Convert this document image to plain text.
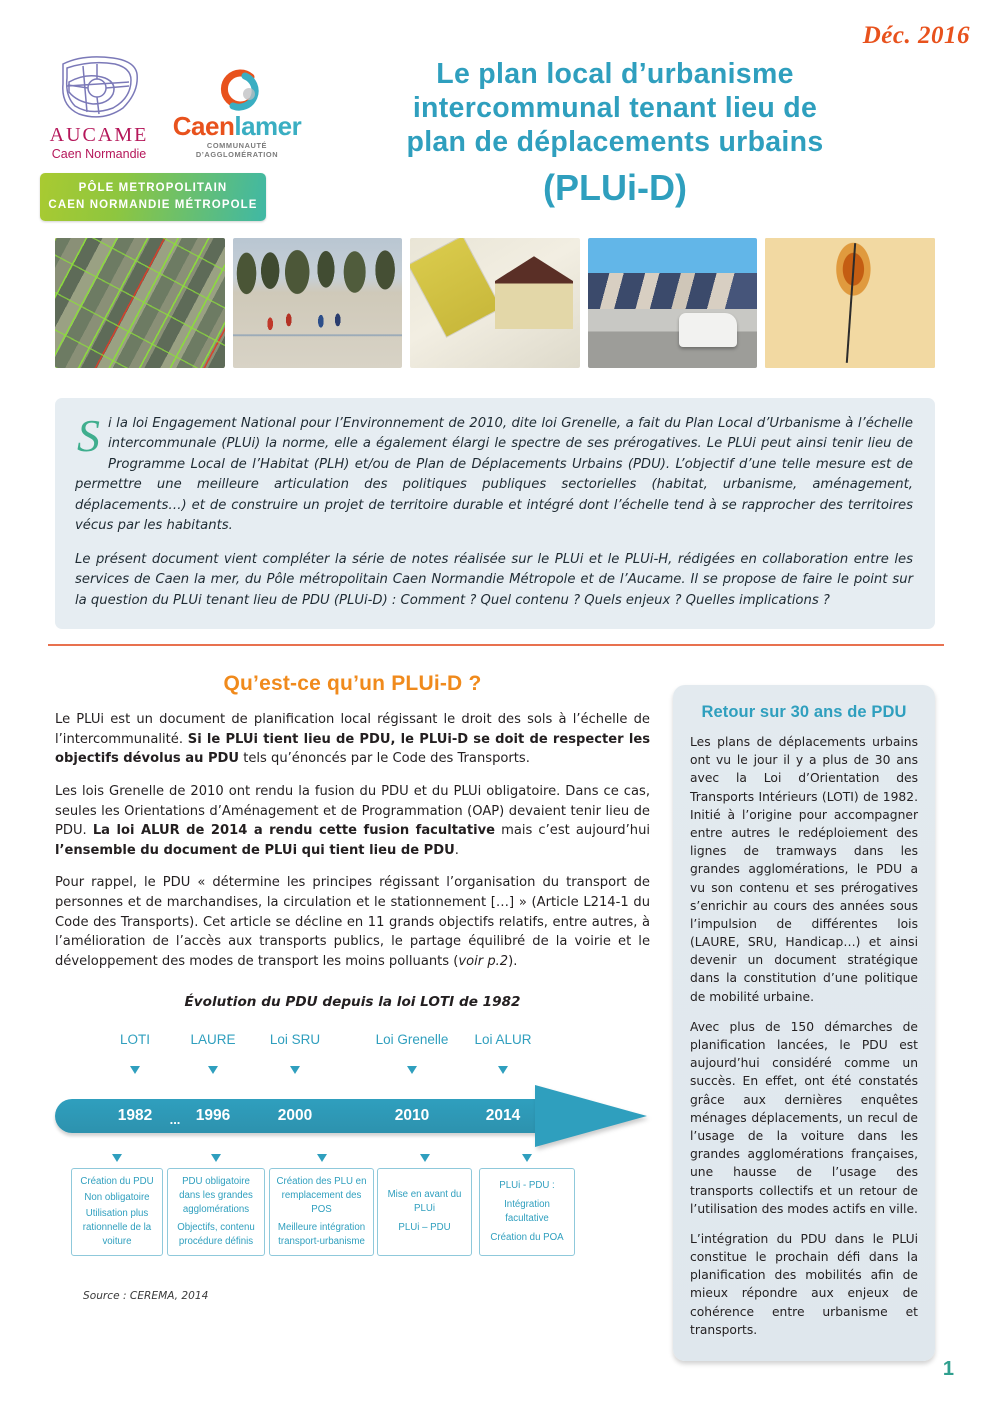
Déc. 2016
AUCAME
Caen Normandie
Caenlamer
COMMUNAUTÉ D’AGGLOMÉRATION
PÔLE METROPOLITAIN
CAEN NORMANDIE MÉTROPOLE
Le plan local d’urbanisme
intercommunal tenant lieu de
plan de déplacements urbains
(PLUi-D)

Si la loi Engagement National pour l’Environnement de 2010, dite loi Grenelle, a fait du Plan Local d’Urbanisme à l’échelle intercommunale (PLUi) la norme, elle a également élargi le spectre de ses prérogatives. Le PLUi peut ainsi tenir lieu de Programme Local de l’Habitat (PLH) et/ou de Plan de Déplacements Urbains (PDU). L’objectif d’une telle mesure est de permettre une meilleure articulation des politiques publiques sectorielles (habitat, urbanisme, aménagement, déplacements…) et de construire un projet de territoire durable et intégré dont l’échelle tend à se rapprocher des territoires vécus par les habitants.

Le présent document vient compléter la série de notes réalisée sur le PLUi et le PLUi-H, rédigées en collaboration entre les services de Caen la mer, du Pôle métropolitain Caen Normandie Métropole et de l’Aucame. Il se propose de faire le point sur la question du PLUi tenant lieu de PDU (PLUi-D) : Comment ? Quel contenu ? Quels enjeux ? Quelles implications ?

Qu’est-ce qu’un PLUi-D ?

Le PLUi est un document de planification local régissant le droit des sols à l’échelle de l’intercommunalité. Si le PLUi tient lieu de PDU, le PLUi-D se doit de respecter les objectifs dévolus au PDU tels qu’énoncés par le Code des Transports.

Les lois Grenelle de 2010 ont rendu la fusion du PDU et du PLUi obligatoire. Dans ce cas, seules les Orientations d’Aménagement et de Programmation (OAP) devaient tenir lieu de PDU. La loi ALUR de 2014 a rendu cette fusion facultative mais c’est aujourd’hui l’ensemble du document de PLUi qui tient lieu de PDU.

Pour rappel, le PDU « détermine les principes régissant l’organisation du transport de personnes et de marchandises, la circulation et le stationnement […] » (Article L214-1 du Code des Transports). Cet article se décline en 11 grands objectifs relatifs, entre autres, à l’amélioration de l’accès aux transports publics, le partage équilibré de la voirie et le développement des modes de transport les moins polluants (voir p.2).

Évolution du PDU depuis la loi LOTI de 1982

LOTI	LAURE	Loi SRU	Loi Grenelle Loi ALUR
1982	1996	2000	2010	2014
...
Création du PDU
Non obligatoire
Utilisation plus rationnelle de la voiture
PDU obligatoire dans les grandes agglomérations
Objectifs, contenu procédure définis
Création des PLU en remplacement des POS
Meilleure intégration transport-urbanisme
Mise en avant du PLUi
PLUi – PDU
PLUi - PDU :
Intégration facultative
Création du POA
Source : CEREMA, 2014
Retour sur 30 ans de PDU

Les plans de déplacements urbains ont vu le jour il y a plus de 30 ans avec la Loi d’Orientation des Transports Intérieurs (LOTI) de 1982. Initié à l’origine pour accompagner entre autres le redéploiement des lignes de tramways dans les grandes agglomérations, le PDU a vu son contenu et ses prérogatives s’enrichir au cours des années sous l’impulsion de différentes lois (LAURE, SRU, Handicap…) et ainsi devenir un document stratégique dans la constitution d’une politique de mobilité urbaine.

Avec plus de 150 démarches de planification lancées, le PDU est aujourd’hui considéré comme un succès. En effet, ont été constatés grâce aux dernières enquêtes ménages déplacements, un recul de l’usage de la voiture dans les grandes agglomérations françaises, une hausse de l’usage des transports collectifs et un retour de l’utilisation des modes actifs en ville.

L’intégration du PDU dans le PLUi constitue le prochain défi dans la planification des mobilités afin de mieux répondre aux enjeux de cohérence entre urbanisme et transports.

1
